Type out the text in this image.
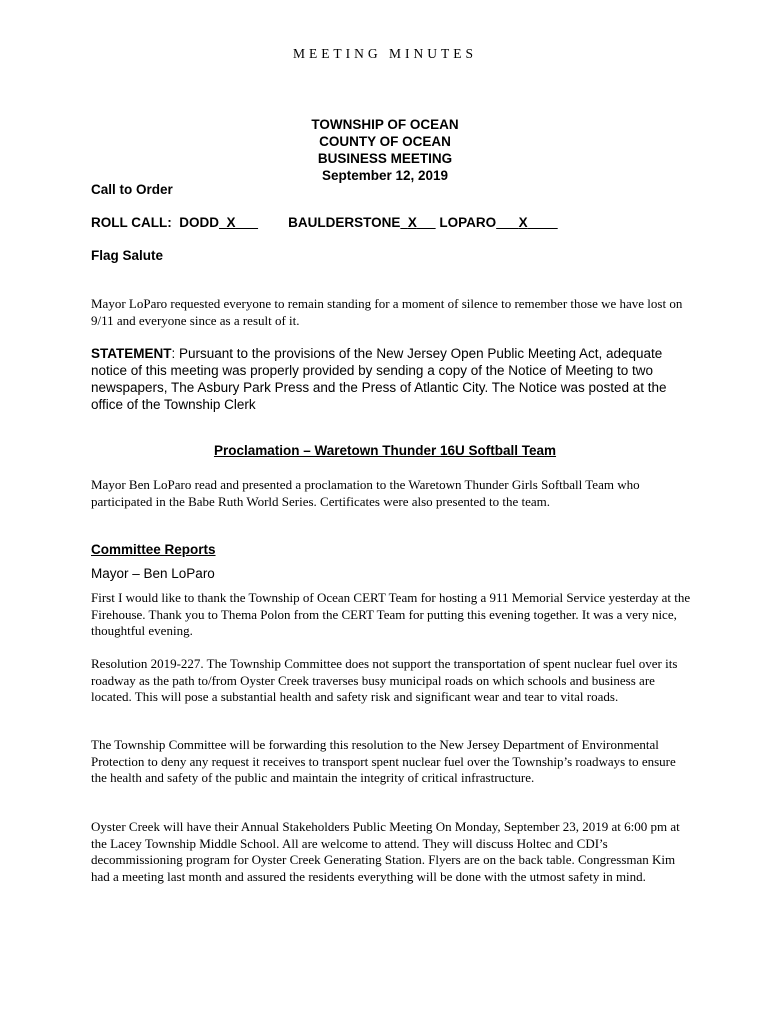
MEETING MINUTES
TOWNSHIP OF OCEAN
COUNTY OF OCEAN
BUSINESS MEETING
September 12, 2019
Call to Order
ROLL CALL: DODD X	BAULDERSTONE X LOPARO X
Flag Salute
Mayor LoParo requested everyone to remain standing for a moment of silence to remember those we have lost on 9/11 and everyone since as a result of it.
STATEMENT: Pursuant to the provisions of the New Jersey Open Public Meeting Act, adequate notice of this meeting was properly provided by sending a copy of the Notice of Meeting to two newspapers, The Asbury Park Press and the Press of Atlantic City. The Notice was posted at the office of the Township Clerk
Proclamation – Waretown Thunder 16U Softball Team
Mayor Ben LoParo read and presented a proclamation to the Waretown Thunder Girls Softball Team who participated in the Babe Ruth World Series. Certificates were also presented to the team.
Committee Reports
Mayor – Ben LoParo
First I would like to thank the Township of Ocean CERT Team for hosting a 911 Memorial Service yesterday at the Firehouse. Thank you to Thema Polon from the CERT Team for putting this evening together. It was a very nice, thoughtful evening.
Resolution 2019-227. The Township Committee does not support the transportation of spent nuclear fuel over its roadway as the path to/from Oyster Creek traverses busy municipal roads on which schools and business are located. This will pose a substantial health and safety risk and significant wear and tear to vital roads.
The Township Committee will be forwarding this resolution to the New Jersey Department of Environmental Protection to deny any request it receives to transport spent nuclear fuel over the Township’s roadways to ensure the health and safety of the public and maintain the integrity of critical infrastructure.
Oyster Creek will have their Annual Stakeholders Public Meeting On Monday, September 23, 2019 at 6:00 pm at the Lacey Township Middle School. All are welcome to attend. They will discuss Holtec and CDI’s decommissioning program for Oyster Creek Generating Station. Flyers are on the back table. Congressman Kim had a meeting last month and assured the residents everything will be done with the utmost safety in mind.
